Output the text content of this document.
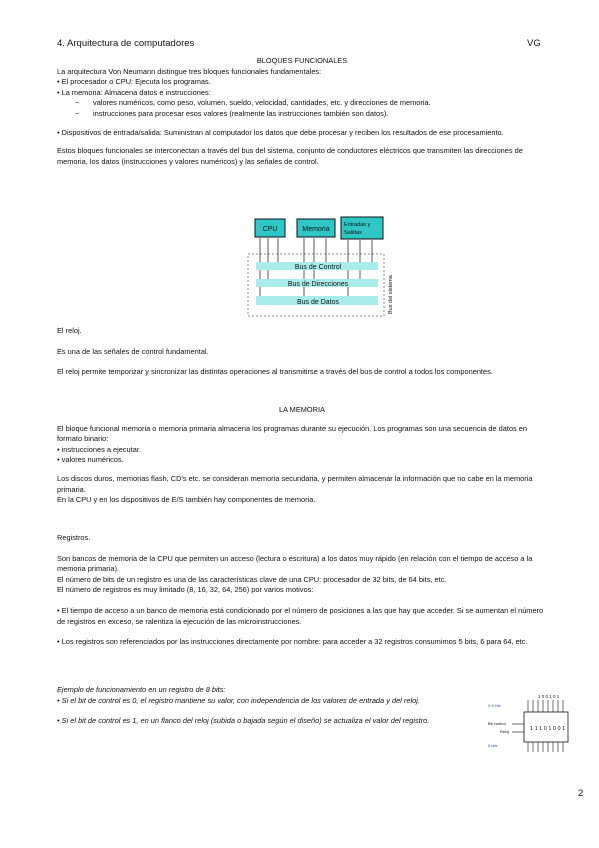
4. Arquitectura de computadores	VG
BLOQUES FUNCIONALES
La arquitectura Von Neumann distingue tres bloques funcionales fundamentales:
• El procesador o CPU: Ejecuta los programas.
• La memoria: Almacena datos e instrucciones:
~ valores numéricos, como peso, volumen, sueldo, velocidad, cantidades, etc. y direcciones de memoria.
~ instrucciones para procesar esos valores (realmente las instrucciones también son datos).
• Dispositivos de entrada/salida: Suministran al computador los datos que debe procesar y reciben los resultados de ese procesamiento.
Estos bloques funcionales se interconectan a través del bus del sistema, conjunto de conductores eléctricos que transmiten las direcciones de memoria, los datos (instrucciones y valores numéricos) y las señales de control.
CPU	Memoria
Entradas y
Salidas
Bus de Control
Bus de Direcciones
Bus de Datos	Bus del sistema
El reloj.
Es una de las señales de control fundamental.
El reloj permite temporizar y sincronizar las distintas operaciones al transmitirse a través del bus de control a todos los componentes.
LA MEMORIA
El bloque funcional memoria o memoria primaria almacena los programas durante su ejecución. Los programas son una secuencia de datos en formato binario:
• instrucciones a ejecutar.
• valores numéricos.
Los discos duros, memorias flash, CD's etc. se consideran memoria secundaria, y permiten almacenar la información que no cabe en la memoria primaria.
En la CPU y en los dispositivos de E/S también hay componentes de memoria.
Registros.
Son bancos de memoria de la CPU que permiten un acceso (lectura o escritura) a los datos muy rápido (en relación con el tiempo de acceso a la memoria primaria).
El número de bits de un registro es una de las características clave de una CPU: procesador de 32 bits, de 64 bits, etc.
El número de registros es muy limitado (8, 16, 32, 64, 256) por varios motivos:
• El tiempo de acceso a un banco de memoria está condicionado por el número de posiciones a las que hay que acceder. Si se aumentan el número de registros en exceso, se ralentiza la ejecución de las microinstrucciones.
• Los registros son referenciados por las instrucciones directamente por nombre: para acceder a 32 registros consumimos 5 bits, 6 para 64, etc.
Ejemplo de funcionamiento en un registro de 8 bits:
• Si el bit de control es 0, el registro mantiene su valor, con independencia de los valores de entrada y del reloj.
• Si el bit de control es 1, en un flanco del reloj (subida o bajada según el diseño) se actualiza el valor del registro.
1 0 0 1 0 1
0 8 bits
Bit control
Reloj	1 1 1 0 1 0 0 1
8 bits
2
